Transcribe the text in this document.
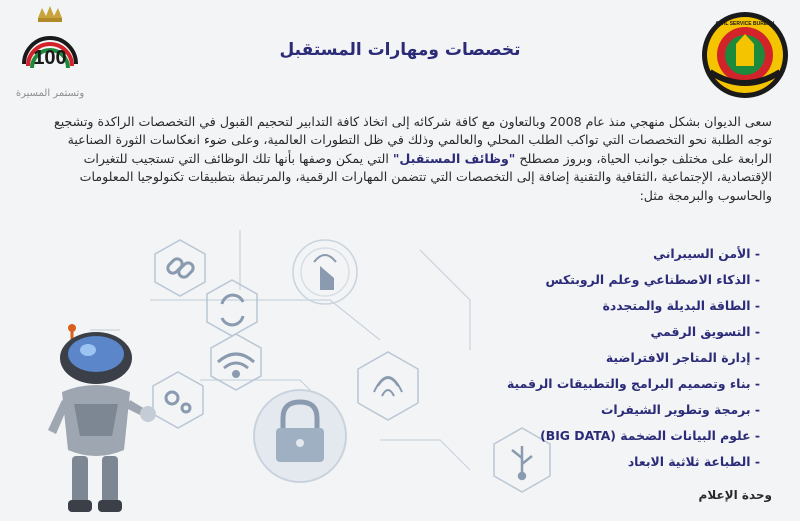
100
وتستمر المسيرة
CIVIL SERVICE BUREAU
تخصصات ومهارات المستقبل
سعى الديوان بشكل منهجي منذ عام 2008 وبالتعاون مع كافة شركائه إلى اتخاذ كافة التدابير لتحجيم القبول في التخصصات الراكدة وتشجيع توجه الطلبة نحو التخصصات التي تواكب الطلب المحلي والعالمي وذلك في ظل التطورات العالمية، وعلى ضوء انعكاسات الثورة الصناعية الرابعة على مختلف جوانب الحياة، وبروز مصطلح "وظائف المستقبل" التي يمكن وصفها بأنها تلك الوظائف التي تستجيب للتغيرات الإقتصادية، الإجتماعية ،الثقافية والتقنية إضافة إلى التخصصات التي تتضمن المهارات الرقمية، والمرتبطة بتطبيقات تكنولوجيا المعلومات والحاسوب والبرمجة مثل:
- الأمن السيبراني
- الذكاء الاصطناعي وعلم الروبتكس
- الطاقة البديلة والمتجددة
- التسويق الرقمي
- إدارة المتاجر الافتراضية
- بناء وتصميم البرامج والتطبيقات الرقمية
- برمجة وتطوير الشيفرات
- علوم البيانات الضخمة (BIG DATA)
- الطباعة ثلاثية الابعاد
وحدة الإعلام
